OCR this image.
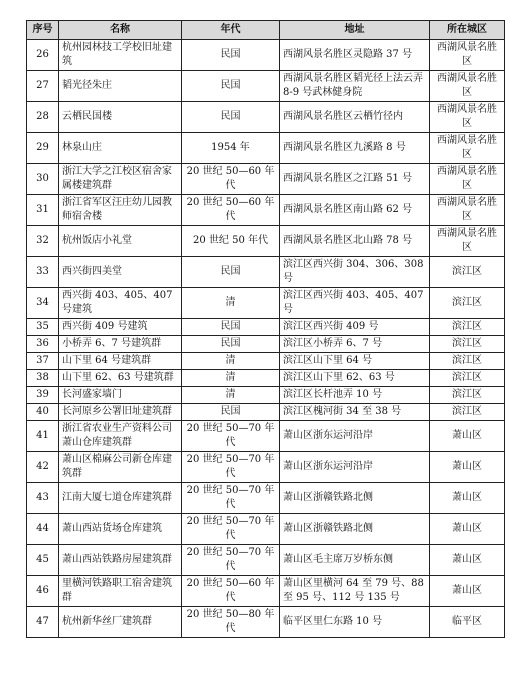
序号	名称	年代	地址	所在城区
26	杭州园林技工学校旧址建筑	民国	西湖风景名胜区灵隐路 37 号	西湖风景名胜区
27	韬光径朱庄	民国	西湖风景名胜区韬光径上法云弄 8-9 号武林健身院	西湖风景名胜区
28	云栖民国楼	民国	西湖风景名胜区云栖竹径内	西湖风景名胜区
29	林泉山庄	1954 年	西湖风景名胜区九溪路 8 号	西湖风景名胜区
30	浙江大学之江校区宿舍家属楼建筑群	20 世纪 50—60 年代	西湖风景名胜区之江路 51 号	西湖风景名胜区
31	浙江省军区汪庄幼儿园教师宿舍楼	20 世纪 50—60 年代	西湖风景名胜区南山路 62 号	西湖风景名胜区
32	杭州饭店小礼堂	20 世纪 50 年代	西湖风景名胜区北山路 78 号	西湖风景名胜区
33	西兴街四美堂	民国	滨江区西兴街 304、306、308 号	滨江区
34	西兴街 403、405、407 号建筑	清	滨江区西兴街 403、405、407 号	滨江区
35	西兴街 409 号建筑	民国	滨江区西兴街 409 号	滨江区
36	小桥弄 6、7 号建筑群	民国	滨江区小桥弄 6、7 号	滨江区
37	山下里 64 号建筑群	清	滨江区山下里 64 号	滨江区
38	山下里 62、63 号建筑群	清	滨江区山下里 62、63 号	滨江区
39	长河盛家墙门	清	滨江区长杆池弄 10 号	滨江区
40	长河原乡公署旧址建筑群	民国	滨江区槐河街 34 至 38 号	滨江区
41	浙江省农业生产资料公司萧山仓库建筑群	20 世纪 50—70 年代	萧山区浙东运河沿岸	萧山区
42	萧山区棉麻公司新仓库建筑群	20 世纪 50—70 年代	萧山区浙东运河沿岸	萧山区
43	江南大厦七道仓库建筑群	20 世纪 50—70 年代	萧山区浙赣铁路北侧	萧山区
44	萧山西站货场仓库建筑	20 世纪 50—70 年代	萧山区浙赣铁路北侧	萧山区
45	萧山西站铁路房屋建筑群	20 世纪 50—70 年代	萧山区毛主席万岁桥东侧	萧山区
46	里横河铁路职工宿舍建筑群	20 世纪 50—60 年代	萧山区里横河 64 至 79 号、88 至 95 号、112 号 135 号	萧山区
47	杭州新华丝厂建筑群	20 世纪 50—80 年代	临平区里仁东路 10 号	临平区
